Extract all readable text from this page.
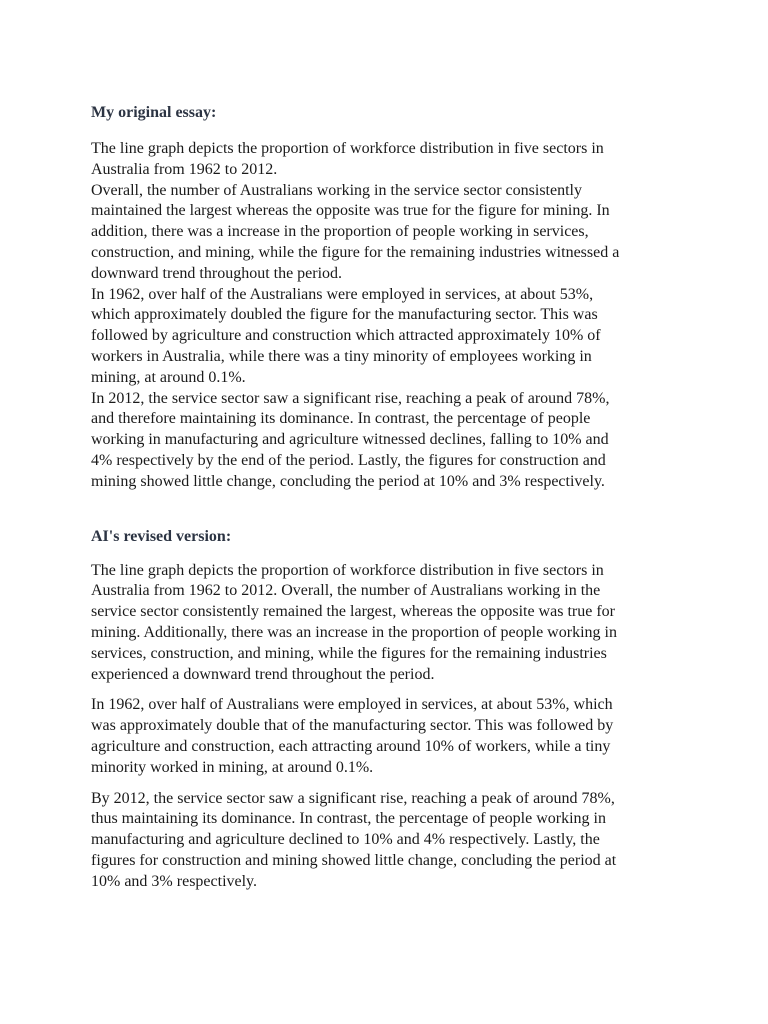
My original essay:

The line graph depicts the proportion of workforce distribution in five sectors in
Australia from 1962 to 2012.
Overall, the number of Australians working in the service sector consistently
maintained the largest whereas the opposite was true for the figure for mining. In
addition, there was a increase in the proportion of people working in services,
construction, and mining, while the figure for the remaining industries witnessed a
downward trend throughout the period.
In 1962, over half of the Australians were employed in services, at about 53%,
which approximately doubled the figure for the manufacturing sector. This was
followed by agriculture and construction which attracted approximately 10% of
workers in Australia, while there was a tiny minority of employees working in
mining, at around 0.1%.
In 2012, the service sector saw a significant rise, reaching a peak of around 78%,
and therefore maintaining its dominance. In contrast, the percentage of people
working in manufacturing and agriculture witnessed declines, falling to 10% and
4% respectively by the end of the period. Lastly, the figures for construction and
mining showed little change, concluding the period at 10% and 3% respectively.

AI's revised version:

The line graph depicts the proportion of workforce distribution in five sectors in
Australia from 1962 to 2012. Overall, the number of Australians working in the
service sector consistently remained the largest, whereas the opposite was true for
mining. Additionally, there was an increase in the proportion of people working in
services, construction, and mining, while the figures for the remaining industries
experienced a downward trend throughout the period.

In 1962, over half of Australians were employed in services, at about 53%, which
was approximately double that of the manufacturing sector. This was followed by
agriculture and construction, each attracting around 10% of workers, while a tiny
minority worked in mining, at around 0.1%.

By 2012, the service sector saw a significant rise, reaching a peak of around 78%,
thus maintaining its dominance. In contrast, the percentage of people working in
manufacturing and agriculture declined to 10% and 4% respectively. Lastly, the
figures for construction and mining showed little change, concluding the period at
10% and 3% respectively.
